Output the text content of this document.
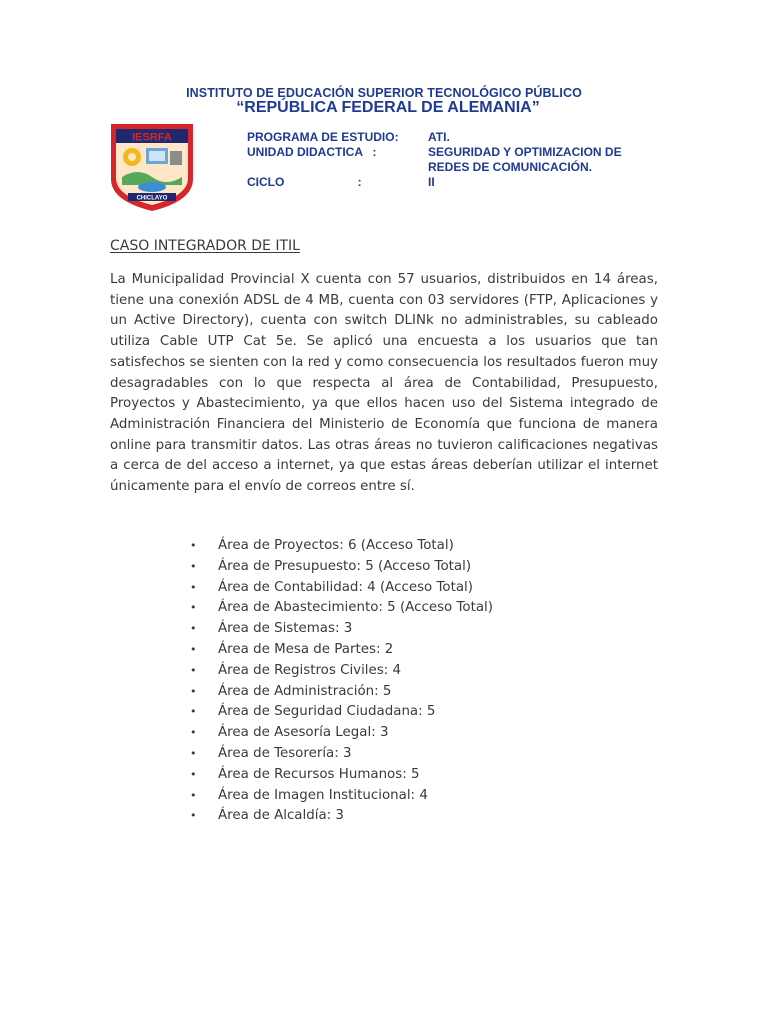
INSTITUTO DE EDUCACIÓN SUPERIOR TECNOLÓGICO PÚBLICO
“REPÚBLICA FEDERAL DE ALEMANIA”
IESRFA
CHICLAYO
PROGRAMA DE ESTUDIO:	ATI.
UNIDAD DIDACTICA   :	SEGURIDAD Y OPTIMIZACION DE REDES DE COMUNICACIÓN.
CICLO                      :	II
CASO INTEGRADOR DE ITIL

La Municipalidad Provincial X cuenta con 57 usuarios, distribuidos en 14 áreas, tiene una conexión ADSL de 4 MB, cuenta con 03 servidores (FTP, Aplicaciones y un Active Directory), cuenta con switch DLINk no administrables, su cableado utiliza Cable UTP Cat 5e. Se aplicó una encuesta a los usuarios que tan satisfechos se sienten con la red y como consecuencia los resultados fueron muy desagradables con lo que respecta al área de Contabilidad, Presupuesto, Proyectos y Abastecimiento, ya que ellos hacen uso del Sistema integrado de Administración Financiera del Ministerio de Economía que funciona de manera online para transmitir datos. Las otras áreas no tuvieron calificaciones negativas a cerca de del acceso a internet, ya que estas áreas deberían utilizar el internet únicamente para el envío de correos entre sí.

• Área de Proyectos: 6 (Acceso Total)
• Área de Presupuesto: 5 (Acceso Total)
• Área de Contabilidad: 4 (Acceso Total)
• Área de Abastecimiento: 5 (Acceso Total)
• Área de Sistemas: 3
• Área de Mesa de Partes: 2
• Área de Registros Civiles: 4
• Área de Administración: 5
• Área de Seguridad Ciudadana: 5
• Área de Asesoría Legal: 3
• Área de Tesorería: 3
• Área de Recursos Humanos: 5
• Área de Imagen Institucional: 4
• Área de Alcaldía: 3
